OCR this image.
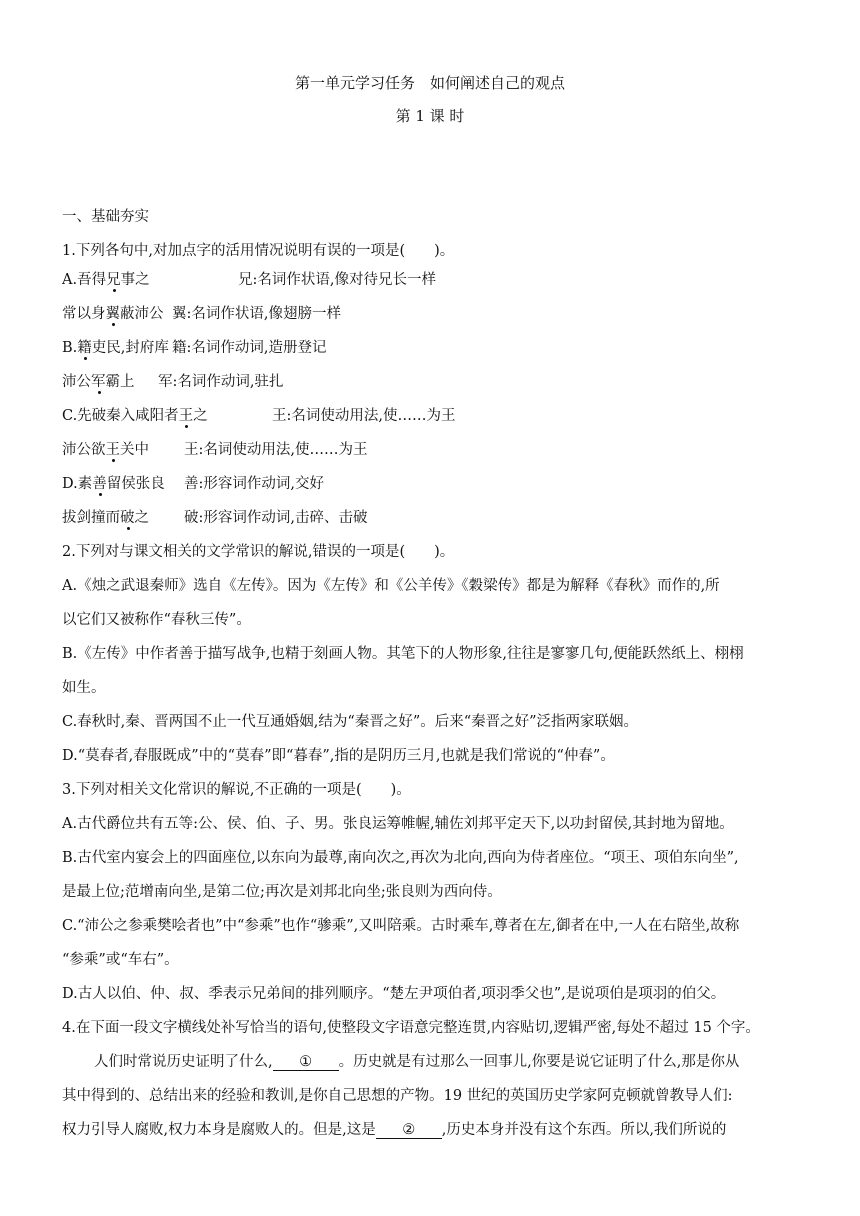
第一单元学习任务　如何阐述自己的观点
第 1 课 时
一、基础夯实
1.下列各句中,对加点字的活用情况说明有误的一项是(　　)。
A.吾得兄事之	兄:名词作状语,像对待兄长一样
常以身翼蔽沛公 翼:名词作状语,像翅膀一样
B.籍吏民,封府库 籍:名词作动词,造册登记
沛公军霸上 军:名词作动词,驻扎
C.先破秦入咸阳者王之	王:名词使动用法,使……为王
沛公欲王关中 王:名词使动用法,使……为王
D.素善留侯张良 善:形容词作动词,交好
拔剑撞而破之 破:形容词作动词,击碎、击破
2.下列对与课文相关的文学常识的解说,错误的一项是(　　)。
A.《烛之武退秦师》选自《左传》。因为《左传》和《公羊传》《穀梁传》都是为解释《春秋》而作的,所
以它们又被称作“春秋三传”。
B.《左传》中作者善于描写战争,也精于刻画人物。其笔下的人物形象,往往是寥寥几句,便能跃然纸上、栩栩
如生。
C.春秋时,秦、晋两国不止一代互通婚姻,结为“秦晋之好”。后来“秦晋之好”泛指两家联姻。
D.“莫春者,春服既成”中的“莫春”即“暮春”,指的是阴历三月,也就是我们常说的“仲春”。
3.下列对相关文化常识的解说,不正确的一项是(　　)。
A.古代爵位共有五等:公、侯、伯、子、男。张良运筹帷幄,辅佐刘邦平定天下,以功封留侯,其封地为留地。
B.古代室内宴会上的四面座位,以东向为最尊,南向次之,再次为北向,西向为侍者座位。“项王、项伯东向坐”,
是最上位;范增南向坐,是第二位;再次是刘邦北向坐;张良则为西向侍。
C.“沛公之参乘樊哙者也”中“参乘”也作“骖乘”,又叫陪乘。古时乘车,尊者在左,御者在中,一人在右陪坐,故称
“参乘”或“车右”。
D.古人以伯、仲、叔、季表示兄弟间的排列顺序。“楚左尹项伯者,项羽季父也”,是说项伯是项羽的伯父。
4.在下面一段文字横线处补写恰当的语句,使整段文字语意完整连贯,内容贴切,逻辑严密,每处不超过 15 个字。
人们时常说历史证明了什么, ① 。历史就是有过那么一回事儿,你要是说它证明了什么,那是你从
其中得到的、总结出来的经验和教训,是你自己思想的产物。19 世纪的英国历史学家阿克顿就曾教导人们:
权力引导人腐败,权力本身是腐败人的。但是,这是 ② ,历史本身并没有这个东西。所以,我们所说的
